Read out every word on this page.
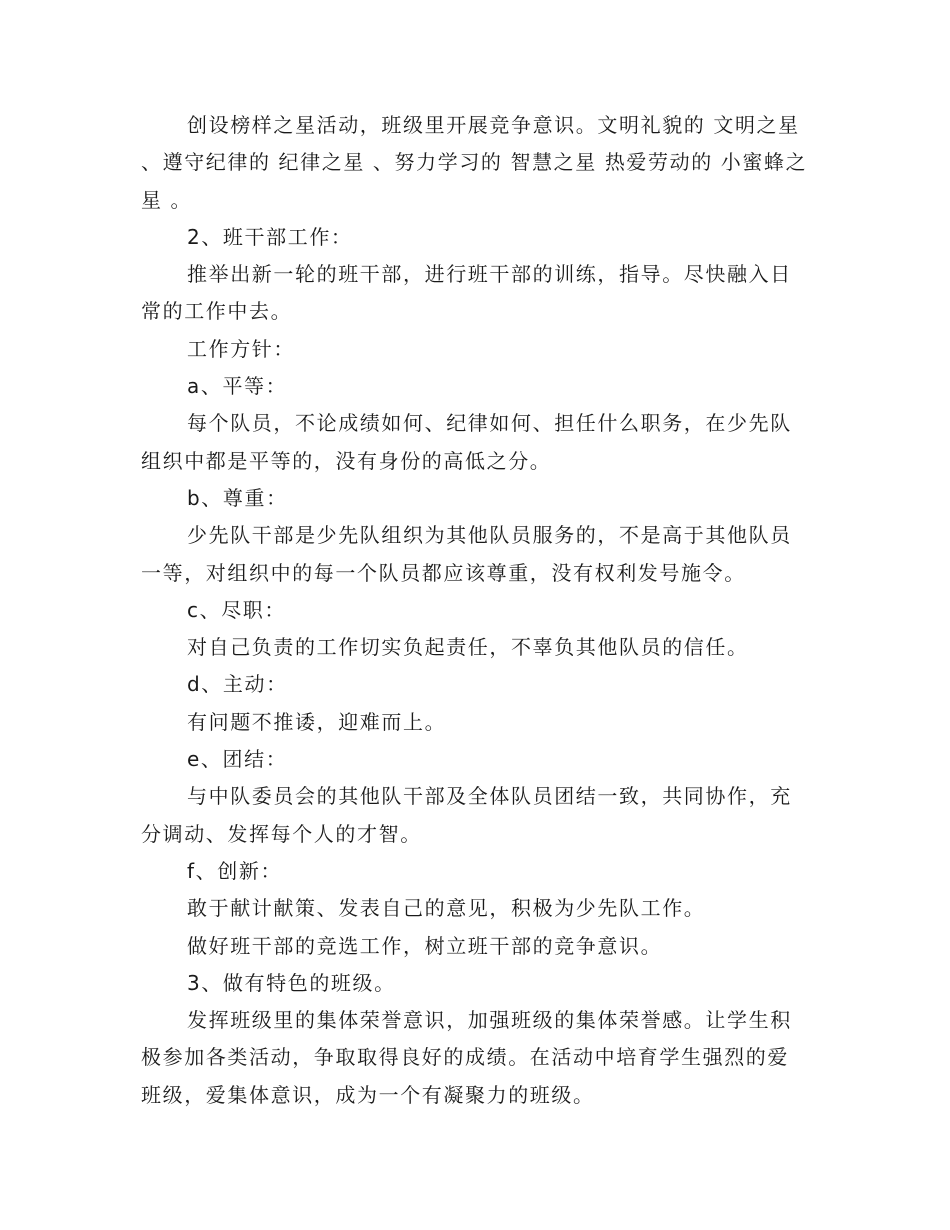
创设榜样之星活动，班级里开展竞争意识。文明礼貌的 文明之星 、遵守纪律的 纪律之星 、努力学习的 智慧之星 热爱劳动的 小蜜蜂之星 。

2、班干部工作：

推举出新一轮的班干部，进行班干部的训练，指导。尽快融入日常的工作中去。

工作方针：

a、平等：

每个队员，不论成绩如何、纪律如何、担任什么职务，在少先队组织中都是平等的，没有身份的高低之分。

b、尊重：

少先队干部是少先队组织为其他队员服务的，不是高于其他队员一等，对组织中的每一个队员都应该尊重，没有权利发号施令。

c、尽职：

对自己负责的工作切实负起责任，不辜负其他队员的信任。

d、主动：

有问题不推诿，迎难而上。

e、团结：

与中队委员会的其他队干部及全体队员团结一致，共同协作，充分调动、发挥每个人的才智。

f、创新：

敢于献计献策、发表自己的意见，积极为少先队工作。

做好班干部的竞选工作，树立班干部的竞争意识。

3、做有特色的班级。

发挥班级里的集体荣誉意识，加强班级的集体荣誉感。让学生积极参加各类活动，争取取得良好的成绩。在活动中培育学生强烈的爱班级，爱集体意识，成为一个有凝聚力的班级。
